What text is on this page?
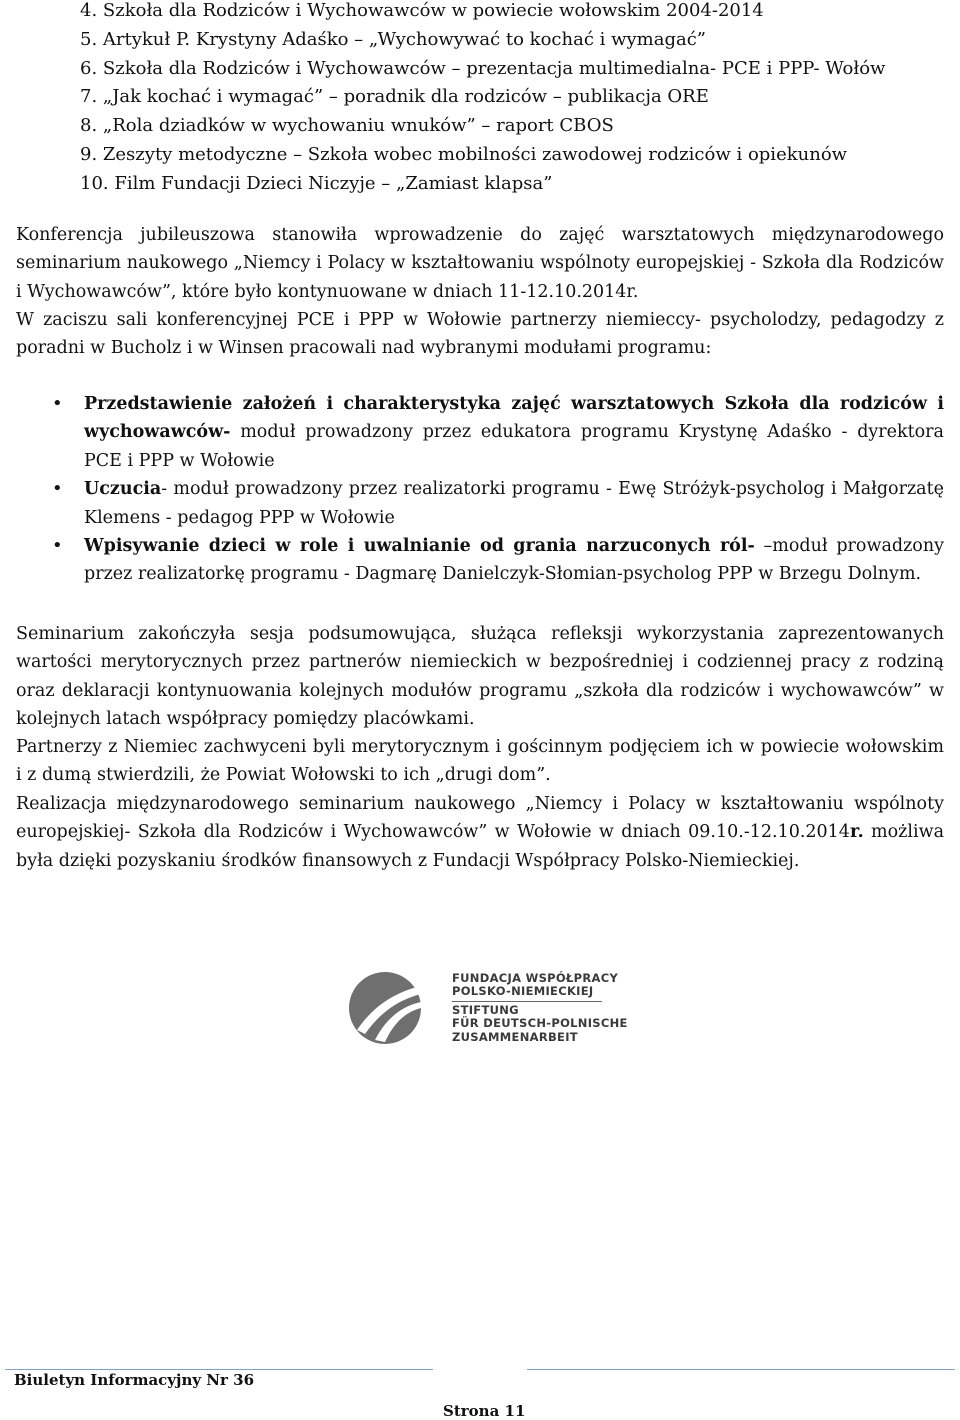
4. Szkoła dla Rodziców i Wychowawców w powiecie wołowskim 2004-2014
5. Artykuł P. Krystyny Adaśko – „Wychowywać to kochać i wymagać”
6. Szkoła dla Rodziców i Wychowawców – prezentacja multimedialna- PCE i PPP- Wołów
7. „Jak kochać i wymagać” – poradnik dla rodziców – publikacja ORE
8. „Rola dziadków w wychowaniu wnuków” – raport CBOS
9. Zeszyty metodyczne – Szkoła wobec mobilności zawodowej rodziców i opiekunów
10. Film Fundacji Dzieci Niczyje – „Zamiast klapsa”

Konferencja jubileuszowa stanowiła wprowadzenie do zajęć warsztatowych międzynarodowego seminarium naukowego „Niemcy i Polacy w kształtowaniu wspólnoty europejskiej - Szkoła dla Rodziców i Wychowawców”, które było kontynuowane w dniach 11-12.10.2014r.

W zaciszu sali konferencyjnej PCE i PPP w Wołowie partnerzy niemieccy- psycholodzy, pedagodzy z poradni w Bucholz i w Winsen pracowali nad wybranymi modułami programu:

• Przedstawienie założeń i charakterystyka zajęć warsztatowych Szkoła dla rodziców i wychowawców- moduł prowadzony przez edukatora programu Krystynę Adaśko - dyrektora PCE i PPP w Wołowie
• Uczucia- moduł prowadzony przez realizatorki programu - Ewę Stróżyk-psycholog i Małgorzatę Klemens - pedagog PPP w Wołowie
• Wpisywanie dzieci w role i uwalnianie od grania narzuconych ról- –moduł prowadzony przez realizatorkę programu - Dagmarę Danielczyk-Słomian-psycholog PPP w Brzegu Dolnym.

Seminarium zakończyła sesja podsumowująca, służąca refleksji wykorzystania zaprezentowanych wartości merytorycznych przez partnerów niemieckich w bezpośredniej i codziennej pracy z rodziną oraz deklaracji kontynuowania kolejnych modułów programu „szkoła dla rodziców i wychowawców” w kolejnych latach współpracy pomiędzy placówkami.

Partnerzy z Niemiec zachwyceni byli merytorycznym i gościnnym podjęciem ich w powiecie wołowskim i z dumą stwierdzili, że Powiat Wołowski to ich „drugi dom”.

Realizacja międzynarodowego seminarium naukowego „Niemcy i Polacy w kształtowaniu wspólnoty europejskiej- Szkoła dla Rodziców i Wychowawców” w Wołowie w dniach 09.10.-12.10.2014r. możliwa była dzięki pozyskaniu środków finansowych z Fundacji Współpracy Polsko-Niemieckiej.

FUNDACJA WSPÓŁPRACY
POLSKO-NIEMIECKIEJ
STIFTUNG
FÜR DEUTSCH-POLNISCHE
ZUSAMMENARBEIT
Biuletyn Informacyjny Nr 36
Strona 11
